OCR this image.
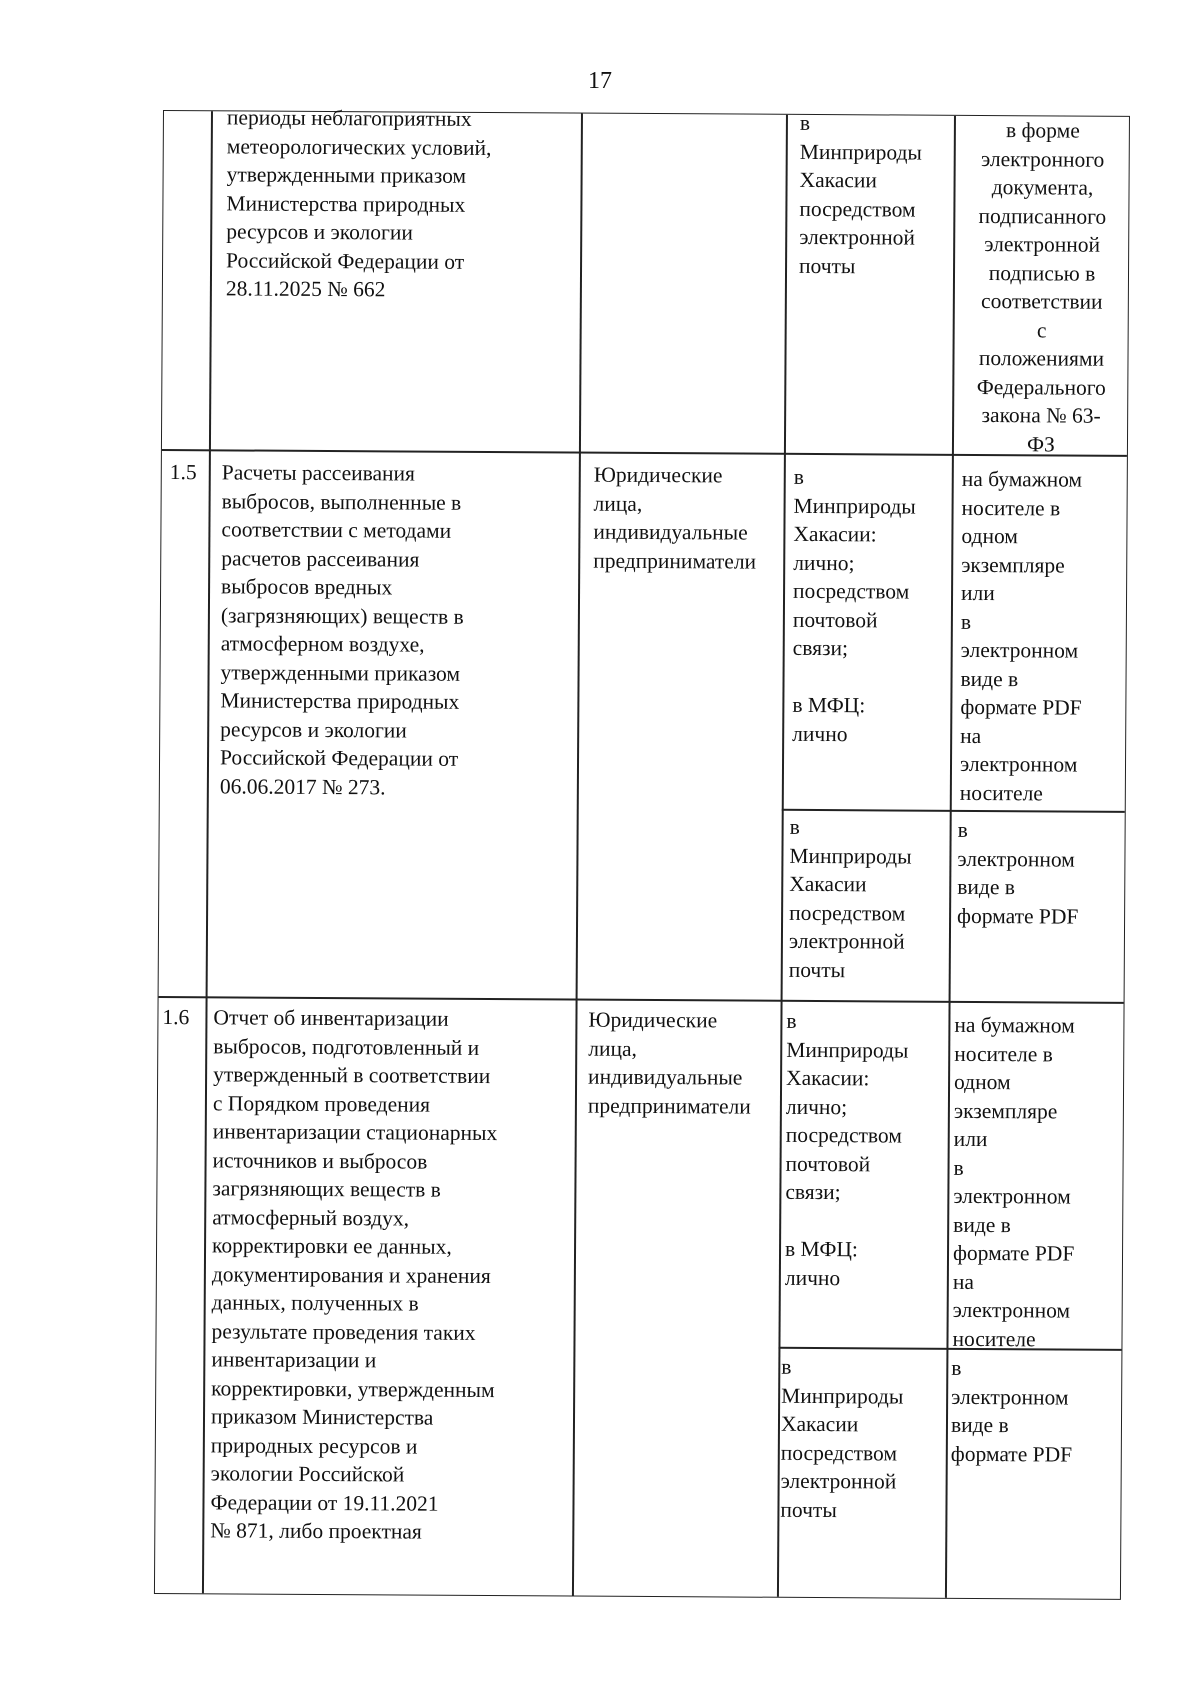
17
периоды неблагоприятных
метеорологических условий,
утвержденными приказом
Министерства природных
ресурсов и экологии
Российской Федерации от
28.11.2025 № 662
в
Минприроды
Хакасии
посредством
электронной
почты
в форме
электронного
документа,
подписанного
электронной
подписью в
соответствии
с
положениями
Федерального
закона № 63-
ФЗ
1.5	Расчеты рассеивания
выбросов, выполненные в
соответствии с методами
расчетов рассеивания
выбросов вредных
(загрязняющих) веществ в
атмосферном воздухе,
утвержденными приказом
Министерства природных
ресурсов и экологии
Российской Федерации от
06.06.2017 № 273.
Юридические
лица,
индивидуальные
предприниматели
в
Минприроды
Хакасии:
лично;
посредством
почтовой
связи;

в МФЦ:
лично
на бумажном
носителе в
одном
экземпляре
или
в
электронном
виде в
формате PDF
на
электронном
носителе
в
Минприроды
Хакасии
посредством
электронной
почты
в
электронном
виде в
формате PDF
1.6	Отчет об инвентаризации
выбросов, подготовленный и
утвержденный в соответствии
с Порядком проведения
инвентаризации стационарных
источников и выбросов
загрязняющих веществ в
атмосферный воздух,
корректировки ее данных,
документирования и хранения
данных, полученных в
результате проведения таких
инвентаризации и
корректировки, утвержденным
приказом Министерства
природных ресурсов и
экологии Российской
Федерации от 19.11.2021
№ 871, либо проектная
Юридические
лица,
индивидуальные
предприниматели
в
Минприроды
Хакасии:
лично;
посредством
почтовой
связи;

в МФЦ:
лично
на бумажном
носителе в
одном
экземпляре
или
в
электронном
виде в
формате PDF
на
электронном
носителе
в
Минприроды
Хакасии
посредством
электронной
почты
в
электронном
виде в
формате PDF
